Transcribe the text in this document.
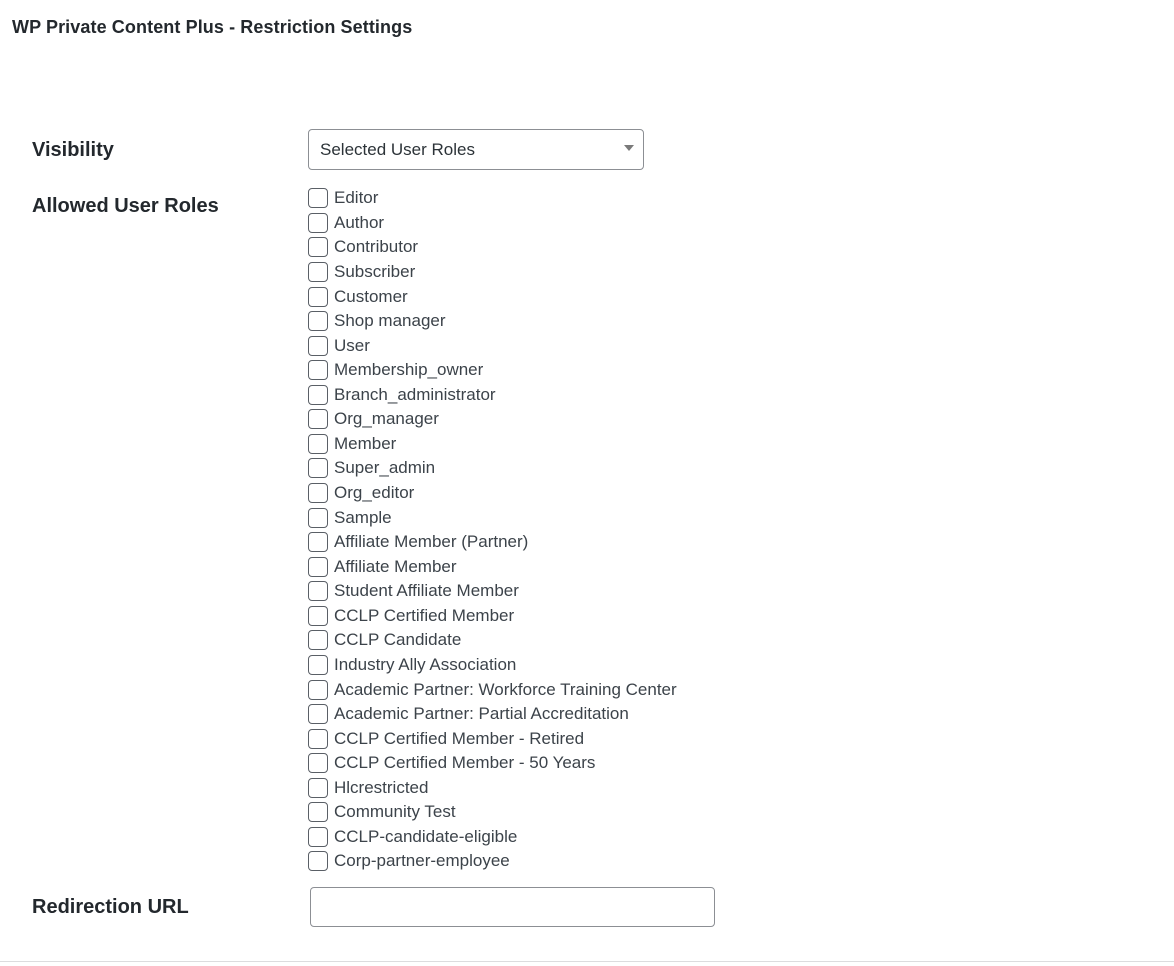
WP Private Content Plus - Restriction Settings
Visibility	Selected User Roles
Allowed User Roles	Editor
Author
Contributor
Subscriber
Customer
Shop manager
User
Membership_owner
Branch_administrator
Org_manager
Member
Super_admin
Org_editor
Sample
Affiliate Member (Partner)
Affiliate Member
Student Affiliate Member
CCLP Certified Member
CCLP Candidate
Industry Ally Association
Academic Partner: Workforce Training Center
Academic Partner: Partial Accreditation
CCLP Certified Member - Retired
CCLP Certified Member - 50 Years
Hlcrestricted
Community Test
CCLP-candidate-eligible
Corp-partner-employee
Redirection URL
